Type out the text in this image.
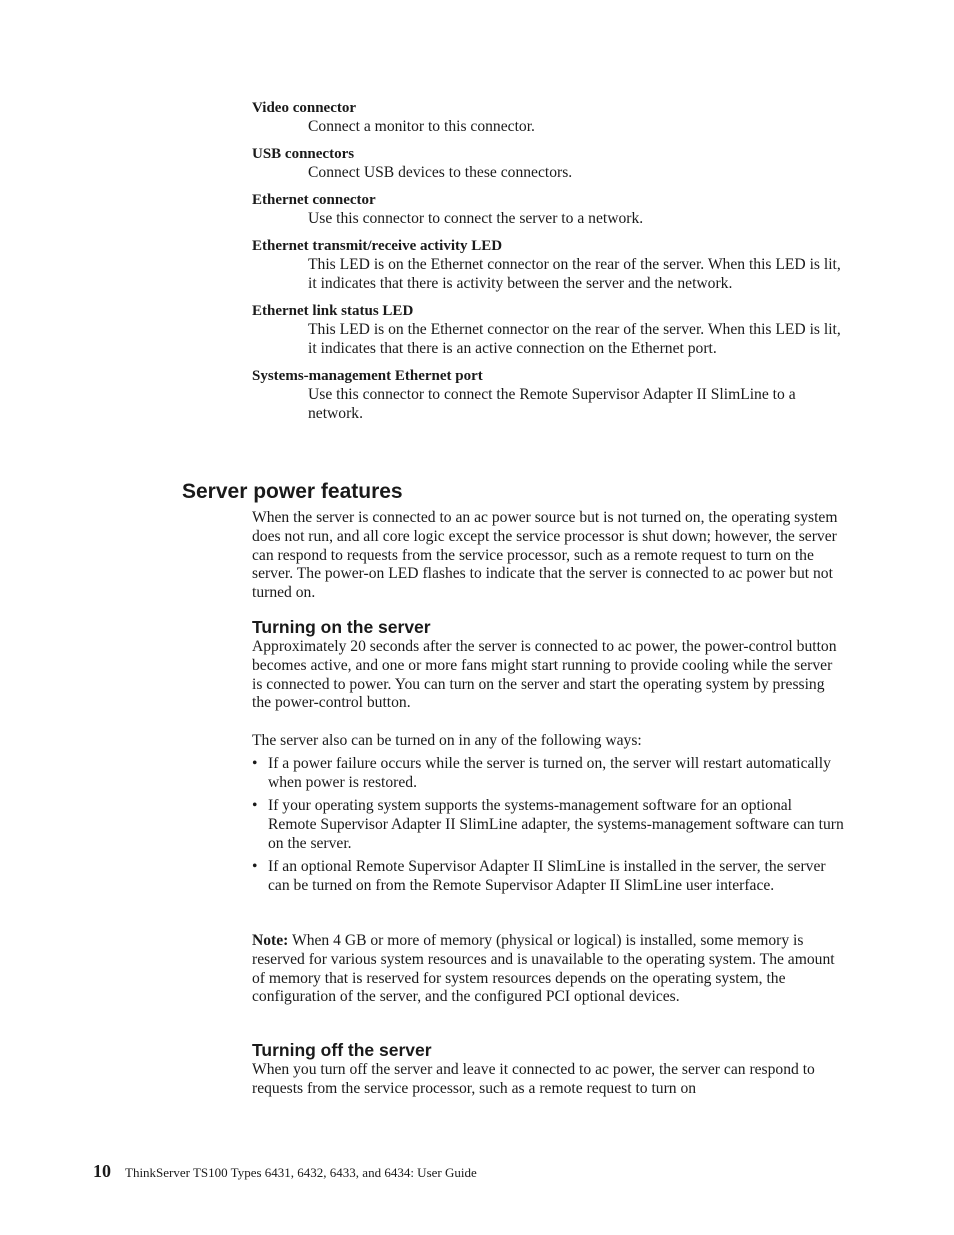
Video connector
Connect a monitor to this connector.
USB connectors
Connect USB devices to these connectors.
Ethernet connector
Use this connector to connect the server to a network.
Ethernet transmit/receive activity LED
This LED is on the Ethernet connector on the rear of the server. When this LED is lit, it indicates that there is activity between the server and the network.
Ethernet link status LED
This LED is on the Ethernet connector on the rear of the server. When this LED is lit, it indicates that there is an active connection on the Ethernet port.
Systems-management Ethernet port
Use this connector to connect the Remote Supervisor Adapter II SlimLine to a network.
Server power features

When the server is connected to an ac power source but is not turned on, the operating system does not run, and all core logic except the service processor is shut down; however, the server can respond to requests from the service processor, such as a remote request to turn on the server. The power-on LED flashes to indicate that the server is connected to ac power but not turned on.

Turning on the server

Approximately 20 seconds after the server is connected to ac power, the power-control button becomes active, and one or more fans might start running to provide cooling while the server is connected to power. You can turn on the server and start the operating system by pressing the power-control button.

The server also can be turned on in any of the following ways:

• If a power failure occurs while the server is turned on, the server will restart automatically when power is restored.
• If your operating system supports the systems-management software for an optional Remote Supervisor Adapter II SlimLine adapter, the systems-management software can turn on the server.
• If an optional Remote Supervisor Adapter II SlimLine is installed in the server, the server can be turned on from the Remote Supervisor Adapter II SlimLine user interface.

Note: When 4 GB or more of memory (physical or logical) is installed, some memory is reserved for various system resources and is unavailable to the operating system. The amount of memory that is reserved for system resources depends on the operating system, the configuration of the server, and the configured PCI optional devices.

Turning off the server

When you turn off the server and leave it connected to ac power, the server can respond to requests from the service processor, such as a remote request to turn on

10 ThinkServer TS100 Types 6431, 6432, 6433, and 6434: User Guide
